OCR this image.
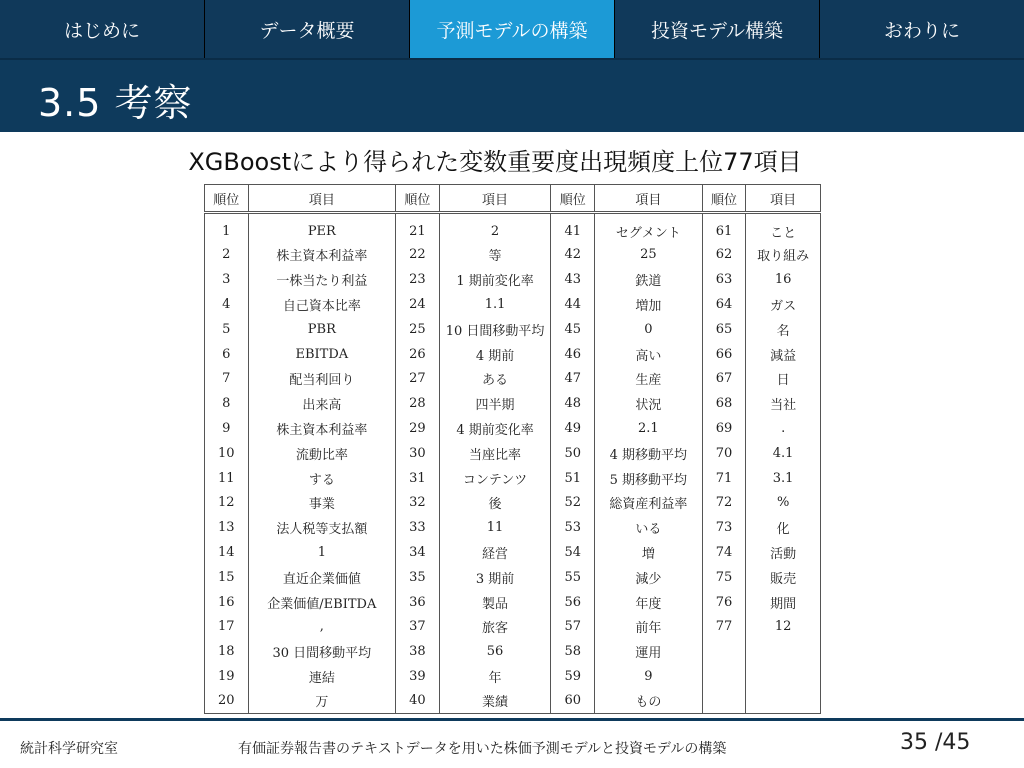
はじめに	データ概要	予測モデルの構築	投資モデル構築	おわりに
3.5 考察
XGBoostにより得られた変数重要度出現頻度上位77項目
順位	項目	順位	項目	順位	項目	順位	項目
1	PER	21	2	41	セグメント	61	こと
2	株主資本利益率	22	等	42	25	62	取り組み
3	一株当たり利益	23	1 期前変化率	43	鉄道	63	16
4	自己資本比率	24	1.1	44	増加	64	ガス
5	PBR	25	10 日間移動平均	45	0	65	名
6	EBITDA	26	4 期前	46	高い	66	減益
7	配当利回り	27	ある	47	生産	67	日
8	出来高	28	四半期	48	状況	68	当社
9	株主資本利益率	29	4 期前変化率	49	2.1	69	.
10	流動比率	30	当座比率	50	4 期移動平均	70	4.1
11	する	31	コンテンツ	51	5 期移動平均	71	3.1
12	事業	32	後	52	総資産利益率	72	%
13	法人税等支払額	33	11	53	いる	73	化
14	1	34	経営	54	増	74	活動
15	直近企業価値	35	3 期前	55	減少	75	販売
16	企業価値/EBITDA	36	製品	56	年度	76	期間
17	,	37	旅客	57	前年	77	12
18	30 日間移動平均	38	56	58	運用		
19	連結	39	年	59	9		
20	万	40	業績	60	もの		
統計科学研究室	有価証券報告書のテキストデータを用いた株価予測モデルと投資モデルの構築	35 /45
